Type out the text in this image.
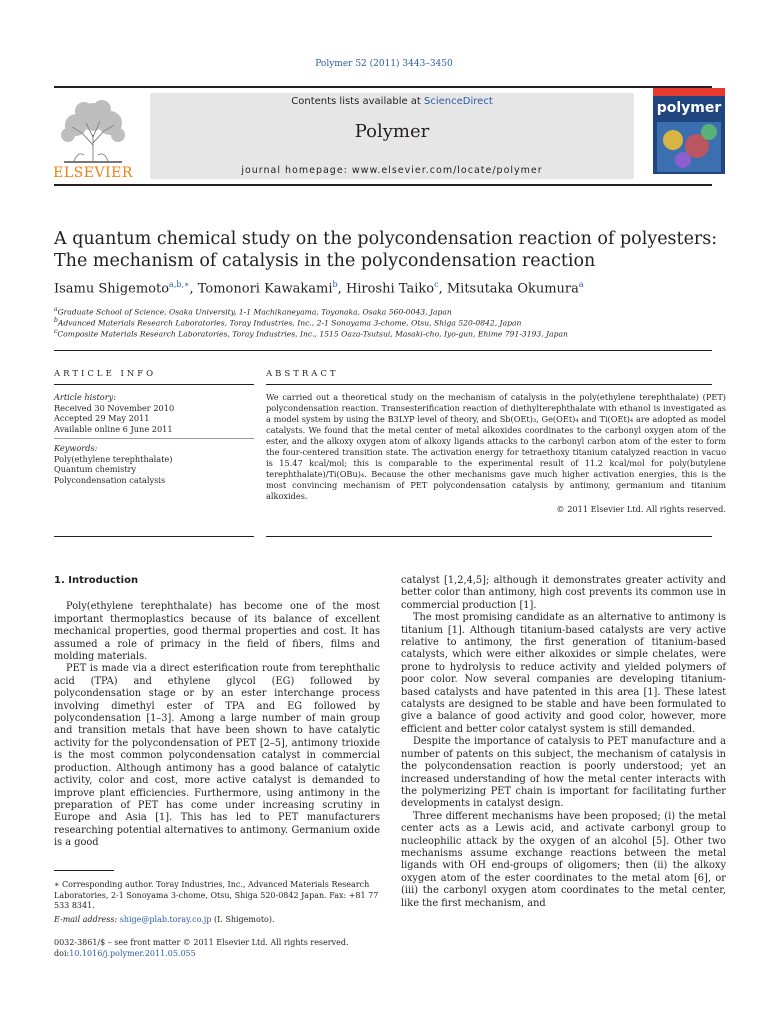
Polymer 52 (2011) 3443–3450
ELSEVIER
Contents lists available at ScienceDirect
Polymer
journal homepage: www.elsevier.com/locate/polymer
polymer
A quantum chemical study on the polycondensation reaction of polyesters:
The mechanism of catalysis in the polycondensation reaction
Isamu Shigemoto$^{a,b,∗}$, Tomonori Kawakami$^b$, Hiroshi Taiko$^c$, Mitsutaka Okumura$^a$
$^a$Graduate School of Science, Osaka University, 1-1 Machikaneyama, Toyonaka, Osaka 560-0043, Japan
$^b$Advanced Materials Research Laboratories, Toray Industries, Inc., 2-1 Sonoyama 3-chome, Otsu, Shiga 520-0842, Japan
$^c$Composite Materials Research Laboratories, Toray Industries, Inc., 1515 Oaza-Tsutsui, Masaki-cho, Iyo-gun, Ehime 791-3193, Japan
ARTICLE INFO	ABSTRACT
Article history:
Received 30 November 2010
Accepted 29 May 2011
Available online 6 June 2011
Keywords:
Poly(ethylene terephthalate)
Quantum chemistry
Polycondensation catalysis
We carried out a theoretical study on the mechanism of catalysis in the poly(ethylene terephthalate) (PET) polycondensation reaction. Transesterification reaction of diethylterephthalate with ethanol is investigated as a model system by using the B3LYP level of theory, and Sb(OEt)₃, Ge(OEt)₄ and Ti(OEt)₄ are adopted as model catalysts. We found that the metal center of metal alkoxides coordinates to the carbonyl oxygen atom of the ester, and the alkoxy oxygen atom of alkoxy ligands attacks to the carbonyl carbon atom of the ester to form the four-centered transition state. The activation energy for tetraethoxy titanium catalyzed reaction in vacuo is 15.47 kcal/mol; this is comparable to the experimental result of 11.2 kcal/mol for poly(butylene terephthalate)/Ti(OBu)₄. Because the other mechanisms gave much higher activation energies, this is the most convincing mechanism of PET polycondensation catalysis by antimony, germanium and titanium alkoxides.
© 2011 Elsevier Ltd. All rights reserved.
1. Introduction

Poly(ethylene terephthalate) has become one of the most important thermoplastics because of its balance of excellent mechanical properties, good thermal properties and cost. It has assumed a role of primacy in the field of fibers, films and molding materials.

PET is made via a direct esterification route from terephthalic acid (TPA) and ethylene glycol (EG) followed by polycondensation stage or by an ester interchange process involving dimethyl ester of TPA and EG followed by polycondensation [1–3]. Among a large number of main group and transition metals that have been shown to have catalytic activity for the polycondensation of PET [2–5], antimony trioxide is the most common polycondensation catalyst in commercial production. Although antimony has a good balance of catalytic activity, color and cost, more active catalyst is demanded to improve plant efficiencies. Furthermore, using antimony in the preparation of PET has come under increasing scrutiny in Europe and Asia [1]. This has led to PET manufacturers researching potential alternatives to antimony. Germanium oxide is a good

catalyst [1,2,4,5]; although it demonstrates greater activity and better color than antimony, high cost prevents its common use in commercial production [1].

The most promising candidate as an alternative to antimony is titanium [1]. Although titanium-based catalysts are very active relative to antimony, the first generation of titanium-based catalysts, which were either alkoxides or simple chelates, were prone to hydrolysis to reduce activity and yielded polymers of poor color. Now several companies are developing titanium-based catalysts and have patented in this area [1]. These latest catalysts are designed to be stable and have been formulated to give a balance of good activity and good color, however, more efficient and better color catalyst system is still demanded.

Despite the importance of catalysis to PET manufacture and a number of patents on this subject, the mechanism of catalysis in the polycondensation reaction is poorly understood; yet an increased understanding of how the metal center interacts with the polymerizing PET chain is important for facilitating further developments in catalyst design.

Three different mechanisms have been proposed; (i) the metal center acts as a Lewis acid, and activate carbonyl group to nucleophilic attack by the oxygen of an alcohol [5]. Other two mechanisms assume exchange reactions between the metal ligands with OH end-groups of oligomers; then (ii) the alkoxy oxygen atom of the ester coordinates to the metal atom [6], or (iii) the carbonyl oxygen atom coordinates to the metal center, like the first mechanism, and

∗ Corresponding author. Toray Industries, Inc., Advanced Materials Research Laboratories, 2-1 Sonoyama 3-chome, Otsu, Shiga 520-0842 Japan. Fax: +81 77 533 8341.
E-mail address: shige@plab.toray.co.jp (I. Shigemoto).
0032-3861/$ – see front matter © 2011 Elsevier Ltd. All rights reserved.
doi:10.1016/j.polymer.2011.05.055
